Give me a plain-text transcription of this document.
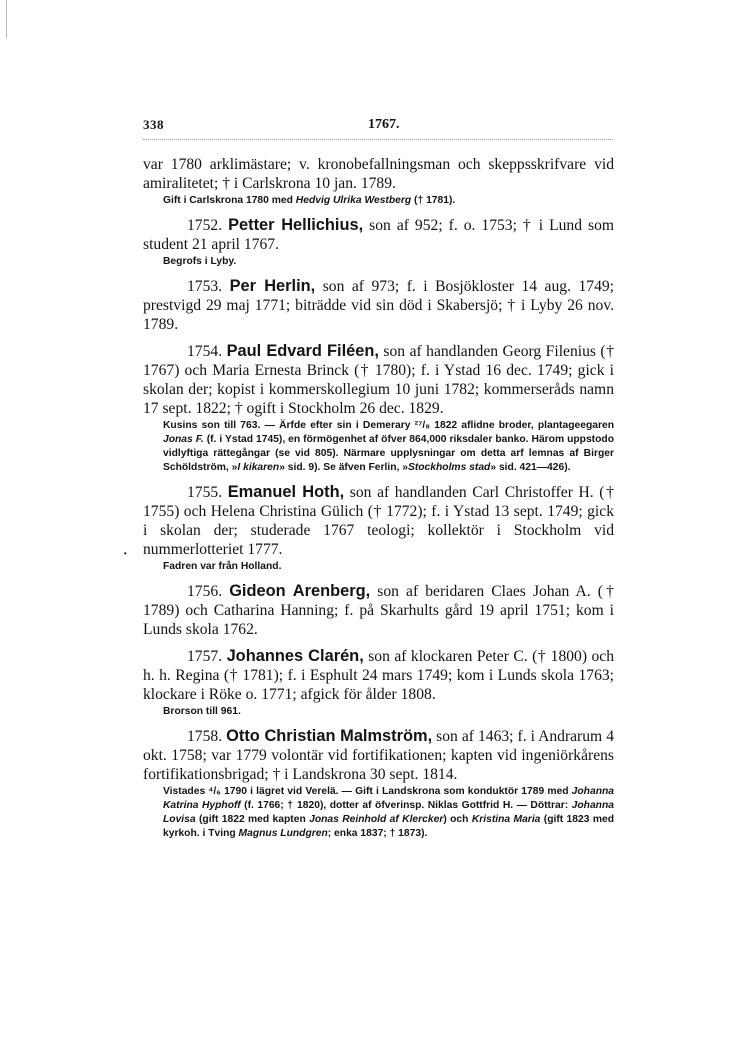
338	1767.
·

var 1780 arklimästare; v. kronobefallningsman och skeppsskrifvare vid amiralitetet; † i Carlskrona 10 jan. 1789.

Gift i Carlskrona 1780 med Hedvig Ulrika Westberg († 1781).

1752. Petter Hellichius, son af 952; f. o. 1753; † i Lund som student 21 april 1767.

Begrofs i Lyby.

1753. Per Herlin, son af 973; f. i Bosjökloster 14 aug. 1749; prestvigd 29 maj 1771; biträdde vid sin död i Skabersjö; † i Lyby 26 nov. 1789.

1754. Paul Edvard Filéen, son af handlanden Georg Filenius († 1767) och Maria Ernesta Brinck († 1780); f. i Ystad 16 dec. 1749; gick i skolan der; kopist i kommerskollegium 10 juni 1782; kommerseråds namn 17 sept. 1822; † ogift i Stockholm 26 dec. 1829.

Kusins son till 763. — Ärfde efter sin i Demerary ²⁷/₈ 1822 aflidne broder, plantageegaren Jonas F. (f. i Ystad 1745), en förmögenhet af öfver 864,000 riksdaler banko. Härom uppstodo vidlyftiga rättegångar (se vid 805). Närmare upplysningar om detta arf lemnas af Birger Schöldström, »I kikaren» sid. 9). Se äfven Ferlin, »Stockholms stad» sid. 421—426).

1755. Emanuel Hoth, son af handlanden Carl Christoffer H. († 1755) och Helena Christina Gülich († 1772); f. i Ystad 13 sept. 1749; gick i skolan der; studerade 1767 teologi; kollektör i Stockholm vid nummerlotteriet 1777.

Fadren var från Holland.

1756. Gideon Arenberg, son af beridaren Claes Johan A. († 1789) och Catharina Hanning; f. på Skarhults gård 19 april 1751; kom i Lunds skola 1762.

1757. Johannes Clarén, son af klockaren Peter C. († 1800) och h. h. Regina († 1781); f. i Esphult 24 mars 1749; kom i Lunds skola 1763; klockare i Röke o. 1771; afgick för ålder 1808.

Brorson till 961.

1758. Otto Christian Malmström, son af 1463; f. i Andrarum 4 okt. 1758; var 1779 volontär vid fortifikationen; kapten vid ingeniörkårens fortifikationsbrigad; † i Landskrona 30 sept. 1814.

Vistades ⁴/₆ 1790 i lägret vid Verelä. — Gift i Landskrona som konduktör 1789 med Johanna Katrina Hyphoff (f. 1766; † 1820), dotter af öfverinsp. Niklas Gottfrid H. — Döttrar: Johanna Lovisa (gift 1822 med kapten Jonas Reinhold af Klercker) och Kristina Maria (gift 1823 med kyrkoh. i Tving Magnus Lundgren; enka 1837; † 1873).
